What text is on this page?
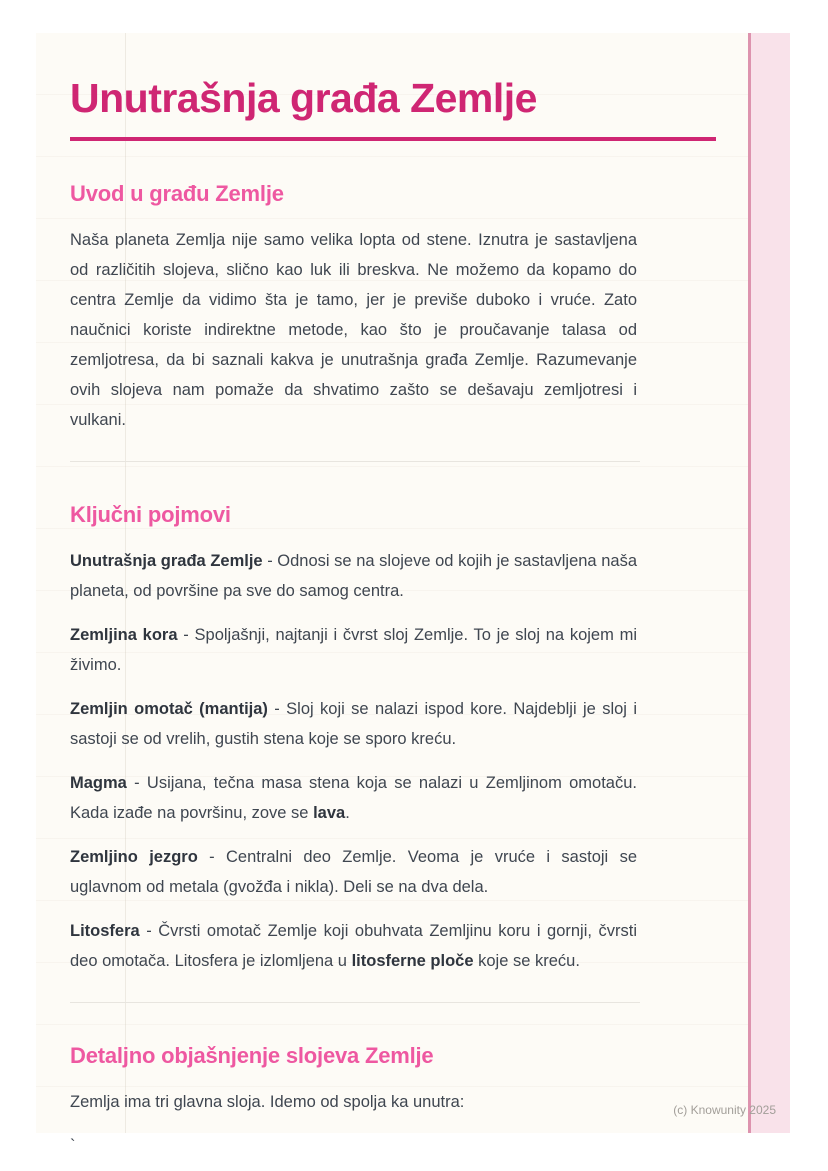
Unutrašnja građa Zemlje
Uvod u građu Zemlje

Naša planeta Zemlja nije samo velika lopta od stene. Iznutra je sastavljena od različitih slojeva, slično kao luk ili breskva. Ne možemo da kopamo do centra Zemlje da vidimo šta je tamo, jer je previše duboko i vruće. Zato naučnici koriste indirektne metode, kao što je proučavanje talasa od zemljotresa, da bi saznali kakva je unutrašnja građa Zemlje. Razumevanje ovih slojeva nam pomaže da shvatimo zašto se dešavaju zemljotresi i vulkani.

Ključni pojmovi

Unutrašnja građa Zemlje - Odnosi se na slojeve od kojih je sastavljena naša planeta, od površine pa sve do samog centra.

Zemljina kora - Spoljašnji, najtanji i čvrst sloj Zemlje. To je sloj na kojem mi živimo.

Zemljin omotač (mantija) - Sloj koji se nalazi ispod kore. Najdeblji je sloj i sastoji se od vrelih, gustih stena koje se sporo kreću.

Magma - Usijana, tečna masa stena koja se nalazi u Zemljinom omotaču. Kada izađe na površinu, zove se lava.

Zemljino jezgro - Centralni deo Zemlje. Veoma je vruće i sastoji se uglavnom od metala (gvožđa i nikla). Deli se na dva dela.

Litosfera - Čvrsti omotač Zemlje koji obuhvata Zemljinu koru i gornji, čvrsti deo omotača. Litosfera je izlomljena u litosferne ploče koje se kreću.

Detaljno objašnjenje slojeva Zemlje

Zemlja ima tri glavna sloja. Idemo od spolja ka unutra:

`

(c) Knowunity 2025
